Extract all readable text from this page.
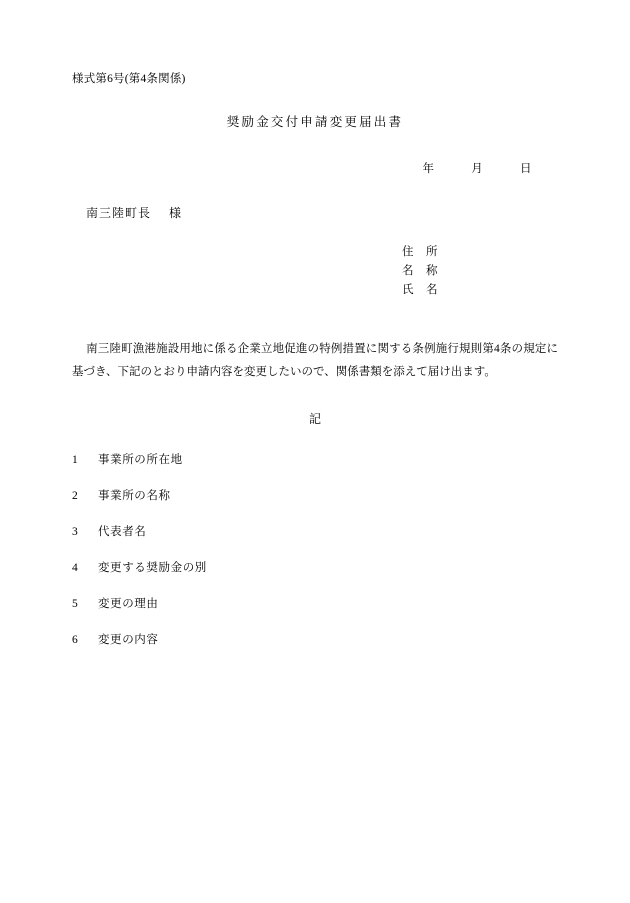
様式第6号(第4条関係)
奨励金交付申請変更届出書
年	月	日
南三陸町長 様
住　所
名　称
氏　名
南三陸町漁港施設用地に係る企業立地促進の特例措置に関する条例施行規則第4条の規定に基づき、下記のとおり申請内容を変更したいので、関係書類を添えて届け出ます。
記
1 事業所の所在地
2 事業所の名称
3 代表者名
4 変更する奨励金の別
5 変更の理由
6 変更の内容
